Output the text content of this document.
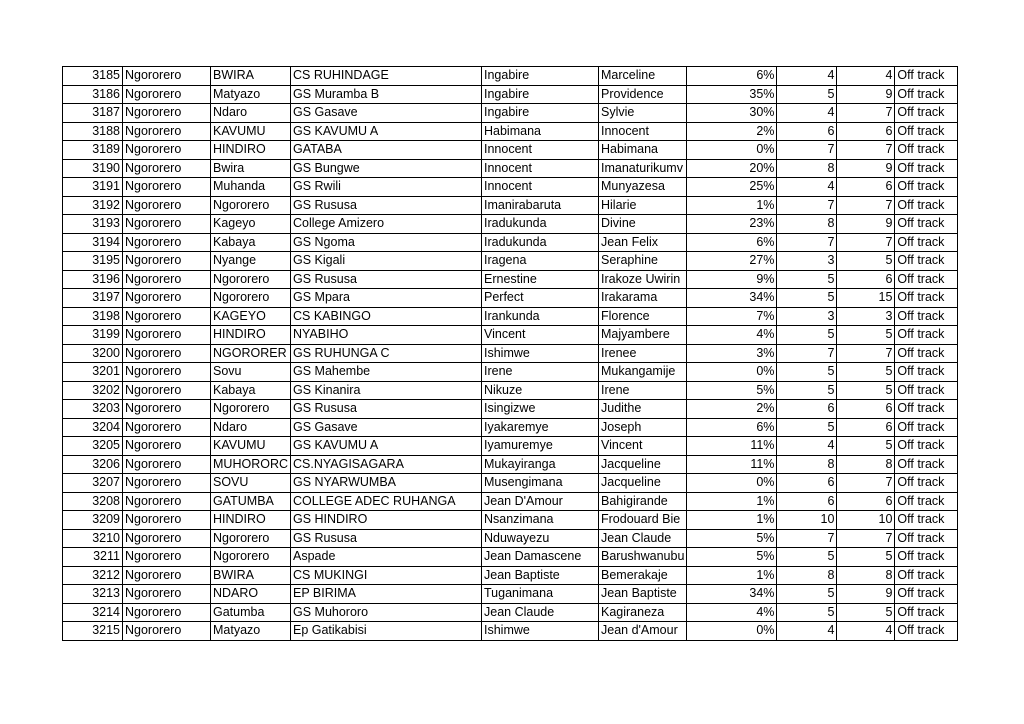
3185	Ngororero	BWIRA	CS RUHINDAGE	Ingabire	Marceline	6%	4	4	Off track
3186	Ngororero	Matyazo	GS Muramba B	Ingabire	Providence	35%	5	9	Off track
3187	Ngororero	Ndaro	GS Gasave	Ingabire	Sylvie	30%	4	7	Off track
3188	Ngororero	KAVUMU	GS KAVUMU A	Habimana	Innocent	2%	6	6	Off track
3189	Ngororero	HINDIRO	GATABA	Innocent	Habimana	0%	7	7	Off track
3190	Ngororero	Bwira	GS Bungwe	Innocent	Imanaturikumv	20%	8	9	Off track
3191	Ngororero	Muhanda	GS Rwili	Innocent	Munyazesa	25%	4	6	Off track
3192	Ngororero	Ngororero	GS Rususa	Imanirabaruta	Hilarie	1%	7	7	Off track
3193	Ngororero	Kageyo	College Amizero	Iradukunda	Divine	23%	8	9	Off track
3194	Ngororero	Kabaya	GS Ngoma	Iradukunda	Jean Felix	6%	7	7	Off track
3195	Ngororero	Nyange	GS Kigali	Iragena	Seraphine	27%	3	5	Off track
3196	Ngororero	Ngororero	GS Rususa	Ernestine	Irakoze Uwirin	9%	5	6	Off track
3197	Ngororero	Ngororero	GS Mpara	Perfect	Irakarama	34%	5	15	Off track
3198	Ngororero	KAGEYO	CS KABINGO	Irankunda	Florence	7%	3	3	Off track
3199	Ngororero	HINDIRO	NYABIHO	Vincent	Majyambere	4%	5	5	Off track
3200	Ngororero	NGORORER	GS RUHUNGA C	Ishimwe	Irenee	3%	7	7	Off track
3201	Ngororero	Sovu	GS Mahembe	Irene	Mukangamije	0%	5	5	Off track
3202	Ngororero	Kabaya	GS Kinanira	Nikuze	Irene	5%	5	5	Off track
3203	Ngororero	Ngororero	GS Rususa	Isingizwe	Judithe	2%	6	6	Off track
3204	Ngororero	Ndaro	GS Gasave	Iyakaremye	Joseph	6%	5	6	Off track
3205	Ngororero	KAVUMU	GS KAVUMU A	Iyamuremye	Vincent	11%	4	5	Off track
3206	Ngororero	MUHORORC	CS.NYAGISAGARA	Mukayiranga	Jacqueline	11%	8	8	Off track
3207	Ngororero	SOVU	GS NYARWUMBA	Musengimana	Jacqueline	0%	6	7	Off track
3208	Ngororero	GATUMBA	COLLEGE ADEC RUHANGA	Jean D'Amour	Bahigirande	1%	6	6	Off track
3209	Ngororero	HINDIRO	GS HINDIRO	Nsanzimana	Frodouard Bie	1%	10	10	Off track
3210	Ngororero	Ngororero	GS Rususa	Nduwayezu	Jean Claude	5%	7	7	Off track
3211	Ngororero	Ngororero	Aspade	Jean Damascene	Barushwanubu	5%	5	5	Off track
3212	Ngororero	BWIRA	CS MUKINGI	Jean Baptiste	Bemerakaje	1%	8	8	Off track
3213	Ngororero	NDARO	EP BIRIMA	Tuganimana	Jean Baptiste	34%	5	9	Off track
3214	Ngororero	Gatumba	GS Muhororo	Jean Claude	Kagiraneza	4%	5	5	Off track
3215	Ngororero	Matyazo	Ep Gatikabisi	Ishimwe	Jean d'Amour	0%	4	4	Off track
